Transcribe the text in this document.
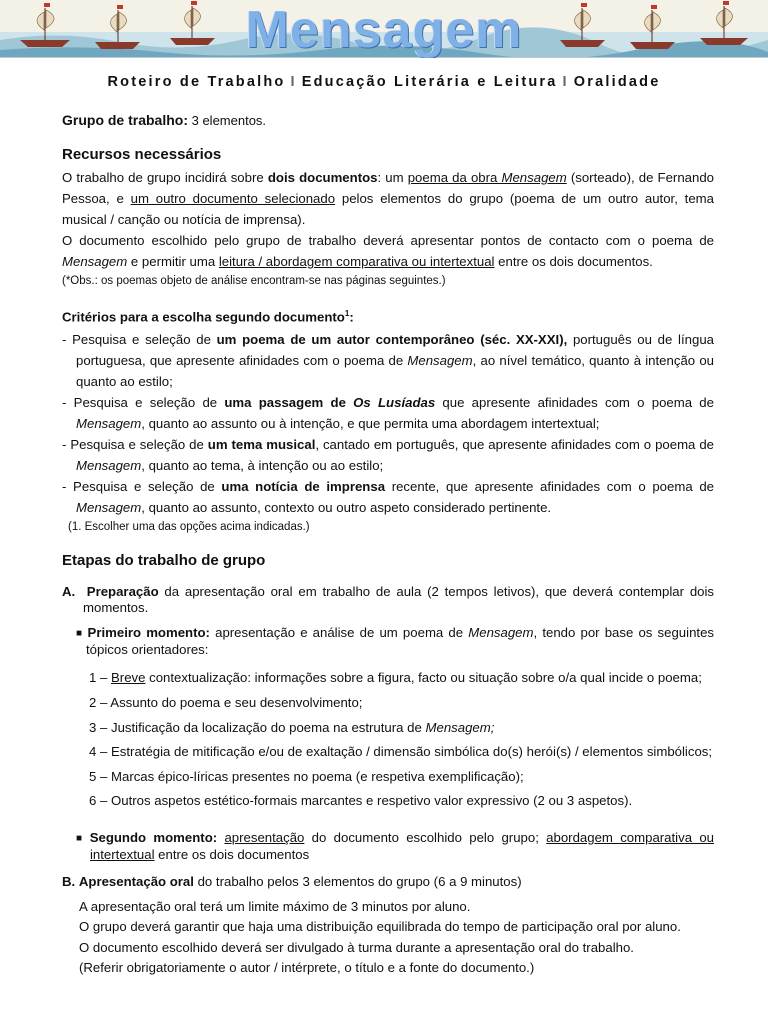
Mensagem
Roteiro de Trabalho I Educação Literária e Leitura I Oralidade

Grupo de trabalho: 3 elementos.

Recursos necessários

O trabalho de grupo incidirá sobre dois documentos: um poema da obra Mensagem (sorteado), de Fernando Pessoa, e um outro documento selecionado pelos elementos do grupo (poema de um outro autor, tema musical / canção ou notícia de imprensa).

O documento escolhido pelo grupo de trabalho deverá apresentar pontos de contacto com o poema de Mensagem e permitir uma leitura / abordagem comparativa ou intertextual entre os dois documentos.

(*Obs.: os poemas objeto de análise encontram-se nas páginas seguintes.)

Critérios para a escolha segundo documento$^1$:

- Pesquisa e seleção de um poema de um autor contemporâneo (séc. XX-XXI), português ou de língua portuguesa, que apresente afinidades com o poema de Mensagem, ao nível temático, quanto à intenção ou quanto ao estilo;

- Pesquisa e seleção de uma passagem de Os Lusíadas que apresente afinidades com o poema de Mensagem, quanto ao assunto ou à intenção, e que permita uma abordagem intertextual;

- Pesquisa e seleção de um tema musical, cantado em português, que apresente afinidades com o poema de Mensagem, quanto ao tema, à intenção ou ao estilo;

- Pesquisa e seleção de uma notícia de imprensa recente, que apresente afinidades com o poema de Mensagem, quanto ao assunto, contexto ou outro aspeto considerado pertinente.

(1. Escolher uma das opções acima indicadas.)

Etapas do trabalho de grupo

A. Preparação da apresentação oral em trabalho de aula (2 tempos letivos), que deverá contemplar dois momentos.

■ Primeiro momento: apresentação e análise de um poema de Mensagem, tendo por base os seguintes tópicos orientadores:

1 – Breve contextualização: informações sobre a figura, facto ou situação sobre o/a qual incide o poema;

2 – Assunto do poema e seu desenvolvimento;

3 – Justificação da localização do poema na estrutura de Mensagem;

4 – Estratégia de mitificação e/ou de exaltação / dimensão simbólica do(s) herói(s) / elementos simbólicos;

5 – Marcas épico-líricas presentes no poema (e respetiva exemplificação);

6 – Outros aspetos estético-formais marcantes e respetivo valor expressivo (2 ou 3 aspetos).

■ Segundo momento: apresentação do documento escolhido pelo grupo; abordagem comparativa ou intertextual entre os dois documentos

B. Apresentação oral do trabalho pelos 3 elementos do grupo (6 a 9 minutos)

A apresentação oral terá um limite máximo de 3 minutos por aluno.

O grupo deverá garantir que haja uma distribuição equilibrada do tempo de participação oral por aluno.

O documento escolhido deverá ser divulgado à turma durante a apresentação oral do trabalho.

(Referir obrigatoriamente o autor / intérprete, o título e a fonte do documento.)
